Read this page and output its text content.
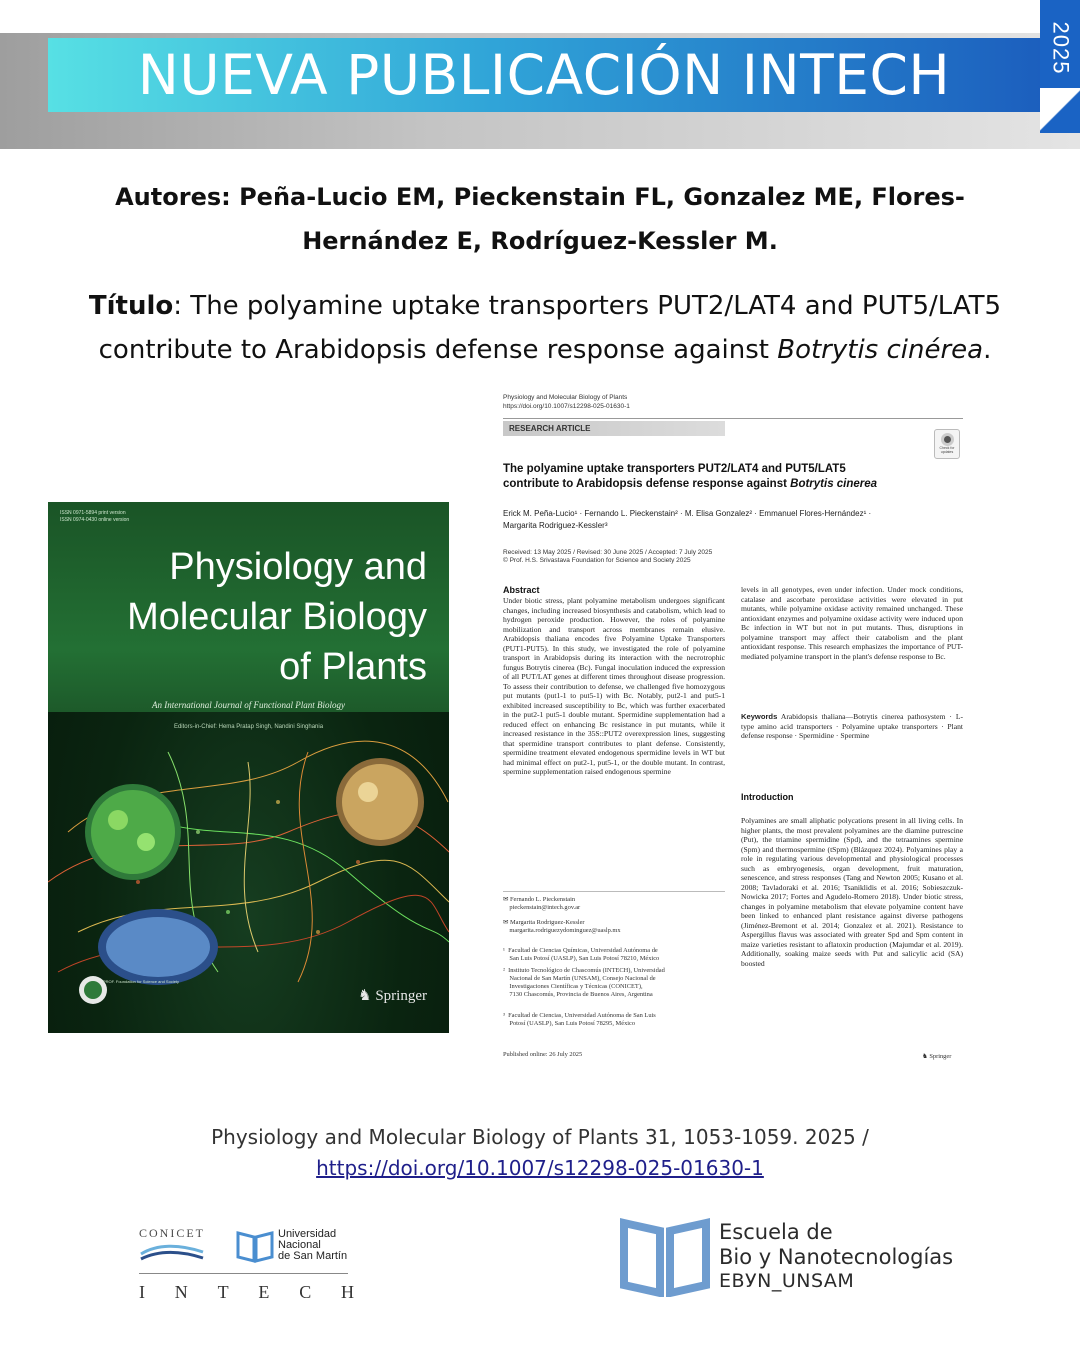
NUEVA PUBLICACIÓN INTECH	2025
Autores: Peña-Lucio EM, Pieckenstain FL, Gonzalez ME, Flores-
Hernández E, Rodríguez-Kessler M.
Título: The polyamine uptake transporters PUT2/LAT4 and PUT5/LAT5
contribute to Arabidopsis defense response against Botrytis cinérea.
ISSN 0971-5894 print version
ISSN 0974-0430 online version
Physiology and
Molecular Biology
of Plants
An International Journal of Functional Plant Biology
Editors-in-Chief: Hema Pratap Singh, Nandini Singhania
PROF. Foundation for Science and Society
♞ Springer
Physiology and Molecular Biology of Plants
https://doi.org/10.1007/s12298-025-01630-1
RESEARCH ARTICLE
Check for updates
The polyamine uptake transporters PUT2/LAT4 and PUT5/LAT5
contribute to Arabidopsis defense response against Botrytis cinerea
Erick M. Peña-Lucio¹ · Fernando L. Pieckenstain² · M. Elisa Gonzalez² · Emmanuel Flores-Hernández¹ ·
Margarita Rodriguez-Kessler³
Received: 13 May 2025 / Revised: 30 June 2025 / Accepted: 7 July 2025
© Prof. H.S. Srivastava Foundation for Science and Society 2025
Abstract
Under biotic stress, plant polyamine metabolism undergoes significant changes, including increased biosynthesis and catabolism, which lead to hydrogen peroxide production. However, the roles of polyamine mobilization and transport across membranes remain elusive. Arabidopsis thaliana encodes five Polyamine Uptake Transporters (PUT1-PUT5). In this study, we investigated the role of polyamine transport in Arabidopsis during its interaction with the necrotrophic fungus Botrytis cinerea (Bc). Fungal inoculation induced the expression of all PUT/LAT genes at different times throughout disease progression. To assess their contribution to defense, we challenged five homozygous put mutants (put1-1 to put5-1) with Bc. Notably, put2-1 and put5-1 exhibited increased susceptibility to Bc, which was further exacerbated in the put2-1 put5-1 double mutant. Spermidine supplementation had a reduced effect on enhancing Bc resistance in put mutants, while it increased resistance in the 35S::PUT2 overexpression lines, suggesting that spermidine transport contributes to plant defense. Consistently, spermidine treatment elevated endogenous spermidine levels in WT but had minimal effect on put2-1, put5-1, or the double mutant. In contrast, spermine supplementation raised endogenous spermine
levels in all genotypes, even under infection. Under mock conditions, catalase and ascorbate peroxidase activities were elevated in put mutants, while polyamine oxidase activity remained unchanged. These antioxidant enzymes and polyamine oxidase activity were induced upon Bc infection in WT but not in put mutants. Thus, disruptions in polyamine transport may affect their catabolism and the plant antioxidant response. This research emphasizes the importance of PUT-mediated polyamine transport in the plant's defense response to Bc.
Keywords Arabidopsis thaliana—Botrytis cinerea pathosystem · L-type amino acid transporters · Polyamine uptake transporters · Plant defense response · Spermidine · Spermine
Introduction
Polyamines are small aliphatic polycations present in all living cells. In higher plants, the most prevalent polyamines are the diamine putrescine (Put), the triamine spermidine (Spd), and the tetraamines spermine (Spm) and thermospermine (tSpm) (Blázquez 2024). Polyamines play a role in regulating various developmental and physiological processes such as embryogenesis, organ development, fruit maturation, senescence, and stress responses (Tang and Newton 2005; Kusano et al. 2008; Tavladoraki et al. 2016; Tsaniklidis et al. 2016; Sobieszczuk-Nowicka 2017; Fortes and Agudelo-Romero 2018). Under biotic stress, changes in polyamine metabolism that elevate polyamine content have been linked to enhanced plant resistance against diverse pathogens (Jiménez-Bremont et al. 2014; Gonzalez et al. 2021). Resistance to Aspergillus flavus was associated with greater Spd and Spm content in maize varieties resistant to aflatoxin production (Majumdar et al. 2019). Additionally, soaking maize seeds with Put and salicylic acid (SA) boosted
✉ Fernando L. Pieckenstain
pieckenstain@intech.gov.ar
✉ Margarita Rodriguez-Kessler
margarita.rodriguezydominguez@uaslp.mx
¹  Facultad de Ciencias Químicas, Universidad Autónoma de
San Luis Potosí (UASLP), San Luis Potosí 78210, México
²  Instituto Tecnológico de Chascomús (INTECH), Universidad
Nacional de San Martín (UNSAM), Consejo Nacional de
Investigaciones Científicas y Técnicas (CONICET),
7130 Chascomús, Provincia de Buenos Aires, Argentina
³  Facultad de Ciencias, Universidad Autónoma de San Luis
Potosí (UASLP), San Luis Potosí 78295, México
Published online: 26 July 2025	♞ Springer
Physiology and Molecular Biology of Plants 31, 1053-1059. 2025 /
https://doi.org/10.1007/s12298-025-01630-1
CONICET	Universidad
Nacional
de San Martín
I N T E C H
Escuela de
Bio y Nanotecnologías
EBУN_UNSAM
